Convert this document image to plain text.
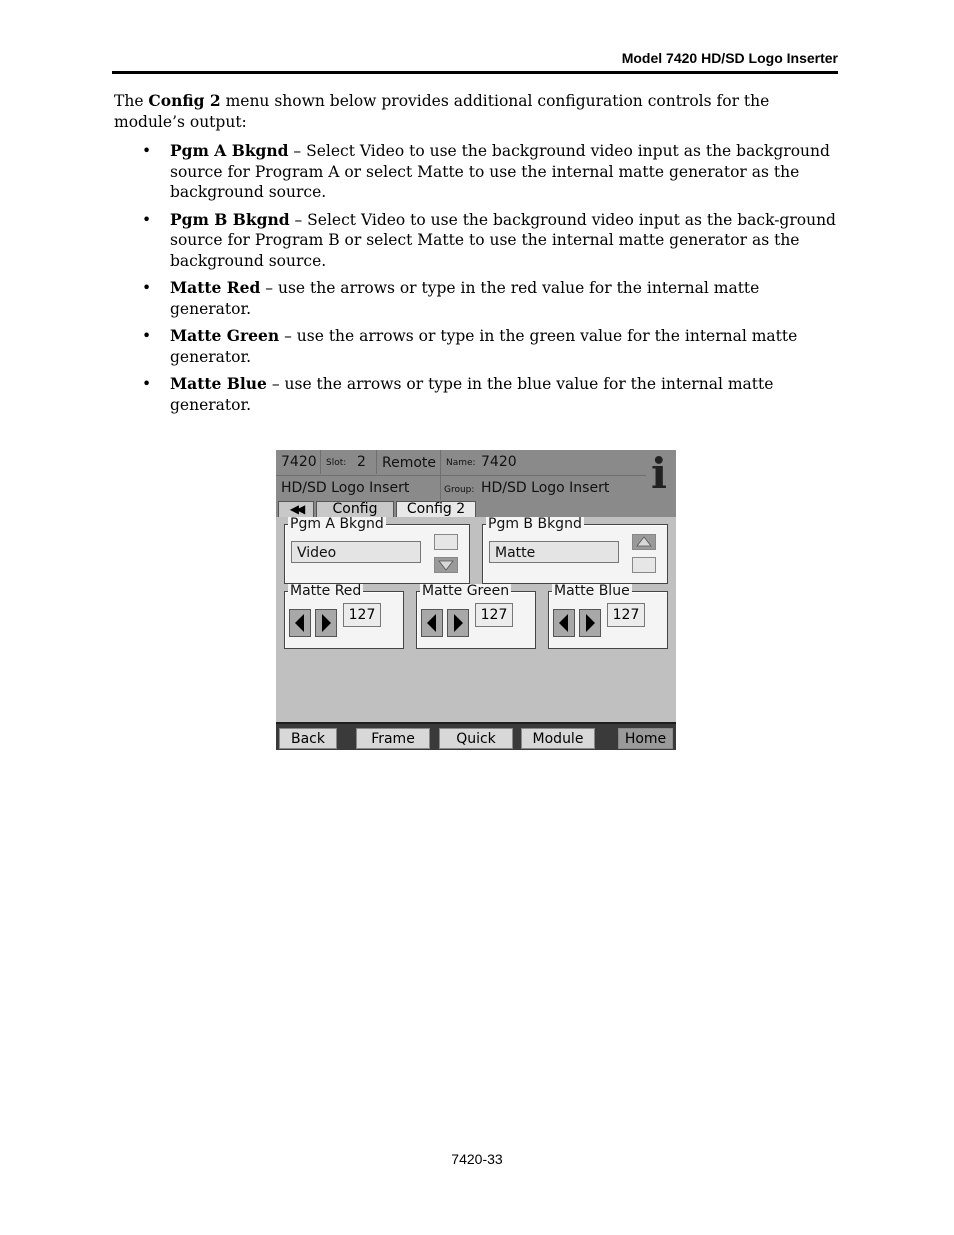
Model 7420 HD/SD Logo Inserter
The Config 2 menu shown below provides additional configuration controls for the module’s output:
• Pgm A Bkgnd – Select Video to use the background video input as the background source for Program A or select Matte to use the internal matte generator as the background source.
• Pgm B Bkgnd – Select Video to use the background video input as the back-ground source for Program B or select Matte to use the internal matte generator as the background source.
• Matte Red – use the arrows or type in the red value for the internal matte generator.
• Matte Green – use the arrows or type in the green value for the internal matte generator.
• Matte Blue – use the arrows or type in the blue value for the internal matte generator.
7420 Slot: 2 Remote Name: 7420
HD/SD Logo Insert	Group: HD/SD Logo Insert i
◀◀	Config	Config 2
Pgm A Bkgnd
Video
Pgm B Bkgnd
Matte
Matte Red
127
Matte Green
127
Matte Blue
127
Back	Frame	Quick	Module	Home
7420-33
